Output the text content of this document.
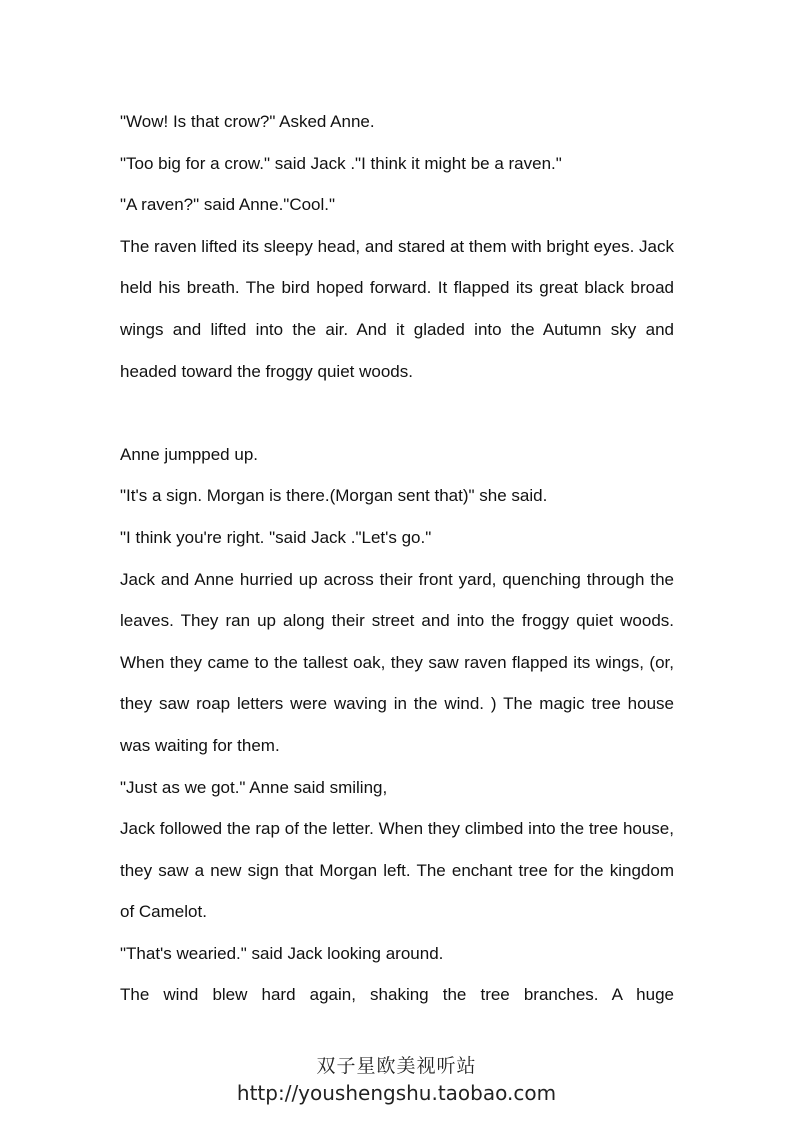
"Wow! Is that crow?" Asked Anne.

"Too big for a crow." said Jack ."I think it might be a raven."

"A raven?" said Anne."Cool."

The raven lifted its sleepy head, and stared at them with bright eyes. Jack held his breath. The bird hoped forward. It flapped its great black broad wings and lifted into the air. And it gladed into the Autumn sky and headed toward the froggy quiet woods.

Anne jumpped up.

"It's a sign. Morgan is there.(Morgan sent that)" she said.

"I think you're right. "said Jack ."Let's go."

Jack and Anne hurried up across their front yard, quenching through the leaves. They ran up along their street and into the froggy quiet woods. When they came to the tallest oak, they saw raven flapped its wings, (or, they saw roap letters were waving in the wind. ) The magic tree house was waiting for them.

"Just as we got." Anne said smiling,

Jack followed the rap of the letter. When they climbed into the tree house, they saw a new sign that Morgan left. The enchant tree for the kingdom of Camelot.

"That's wearied." said Jack looking around.

The wind blew hard again, shaking the tree branches. A huge

双子星欧美视听站
http://youshengshu.taobao.com
